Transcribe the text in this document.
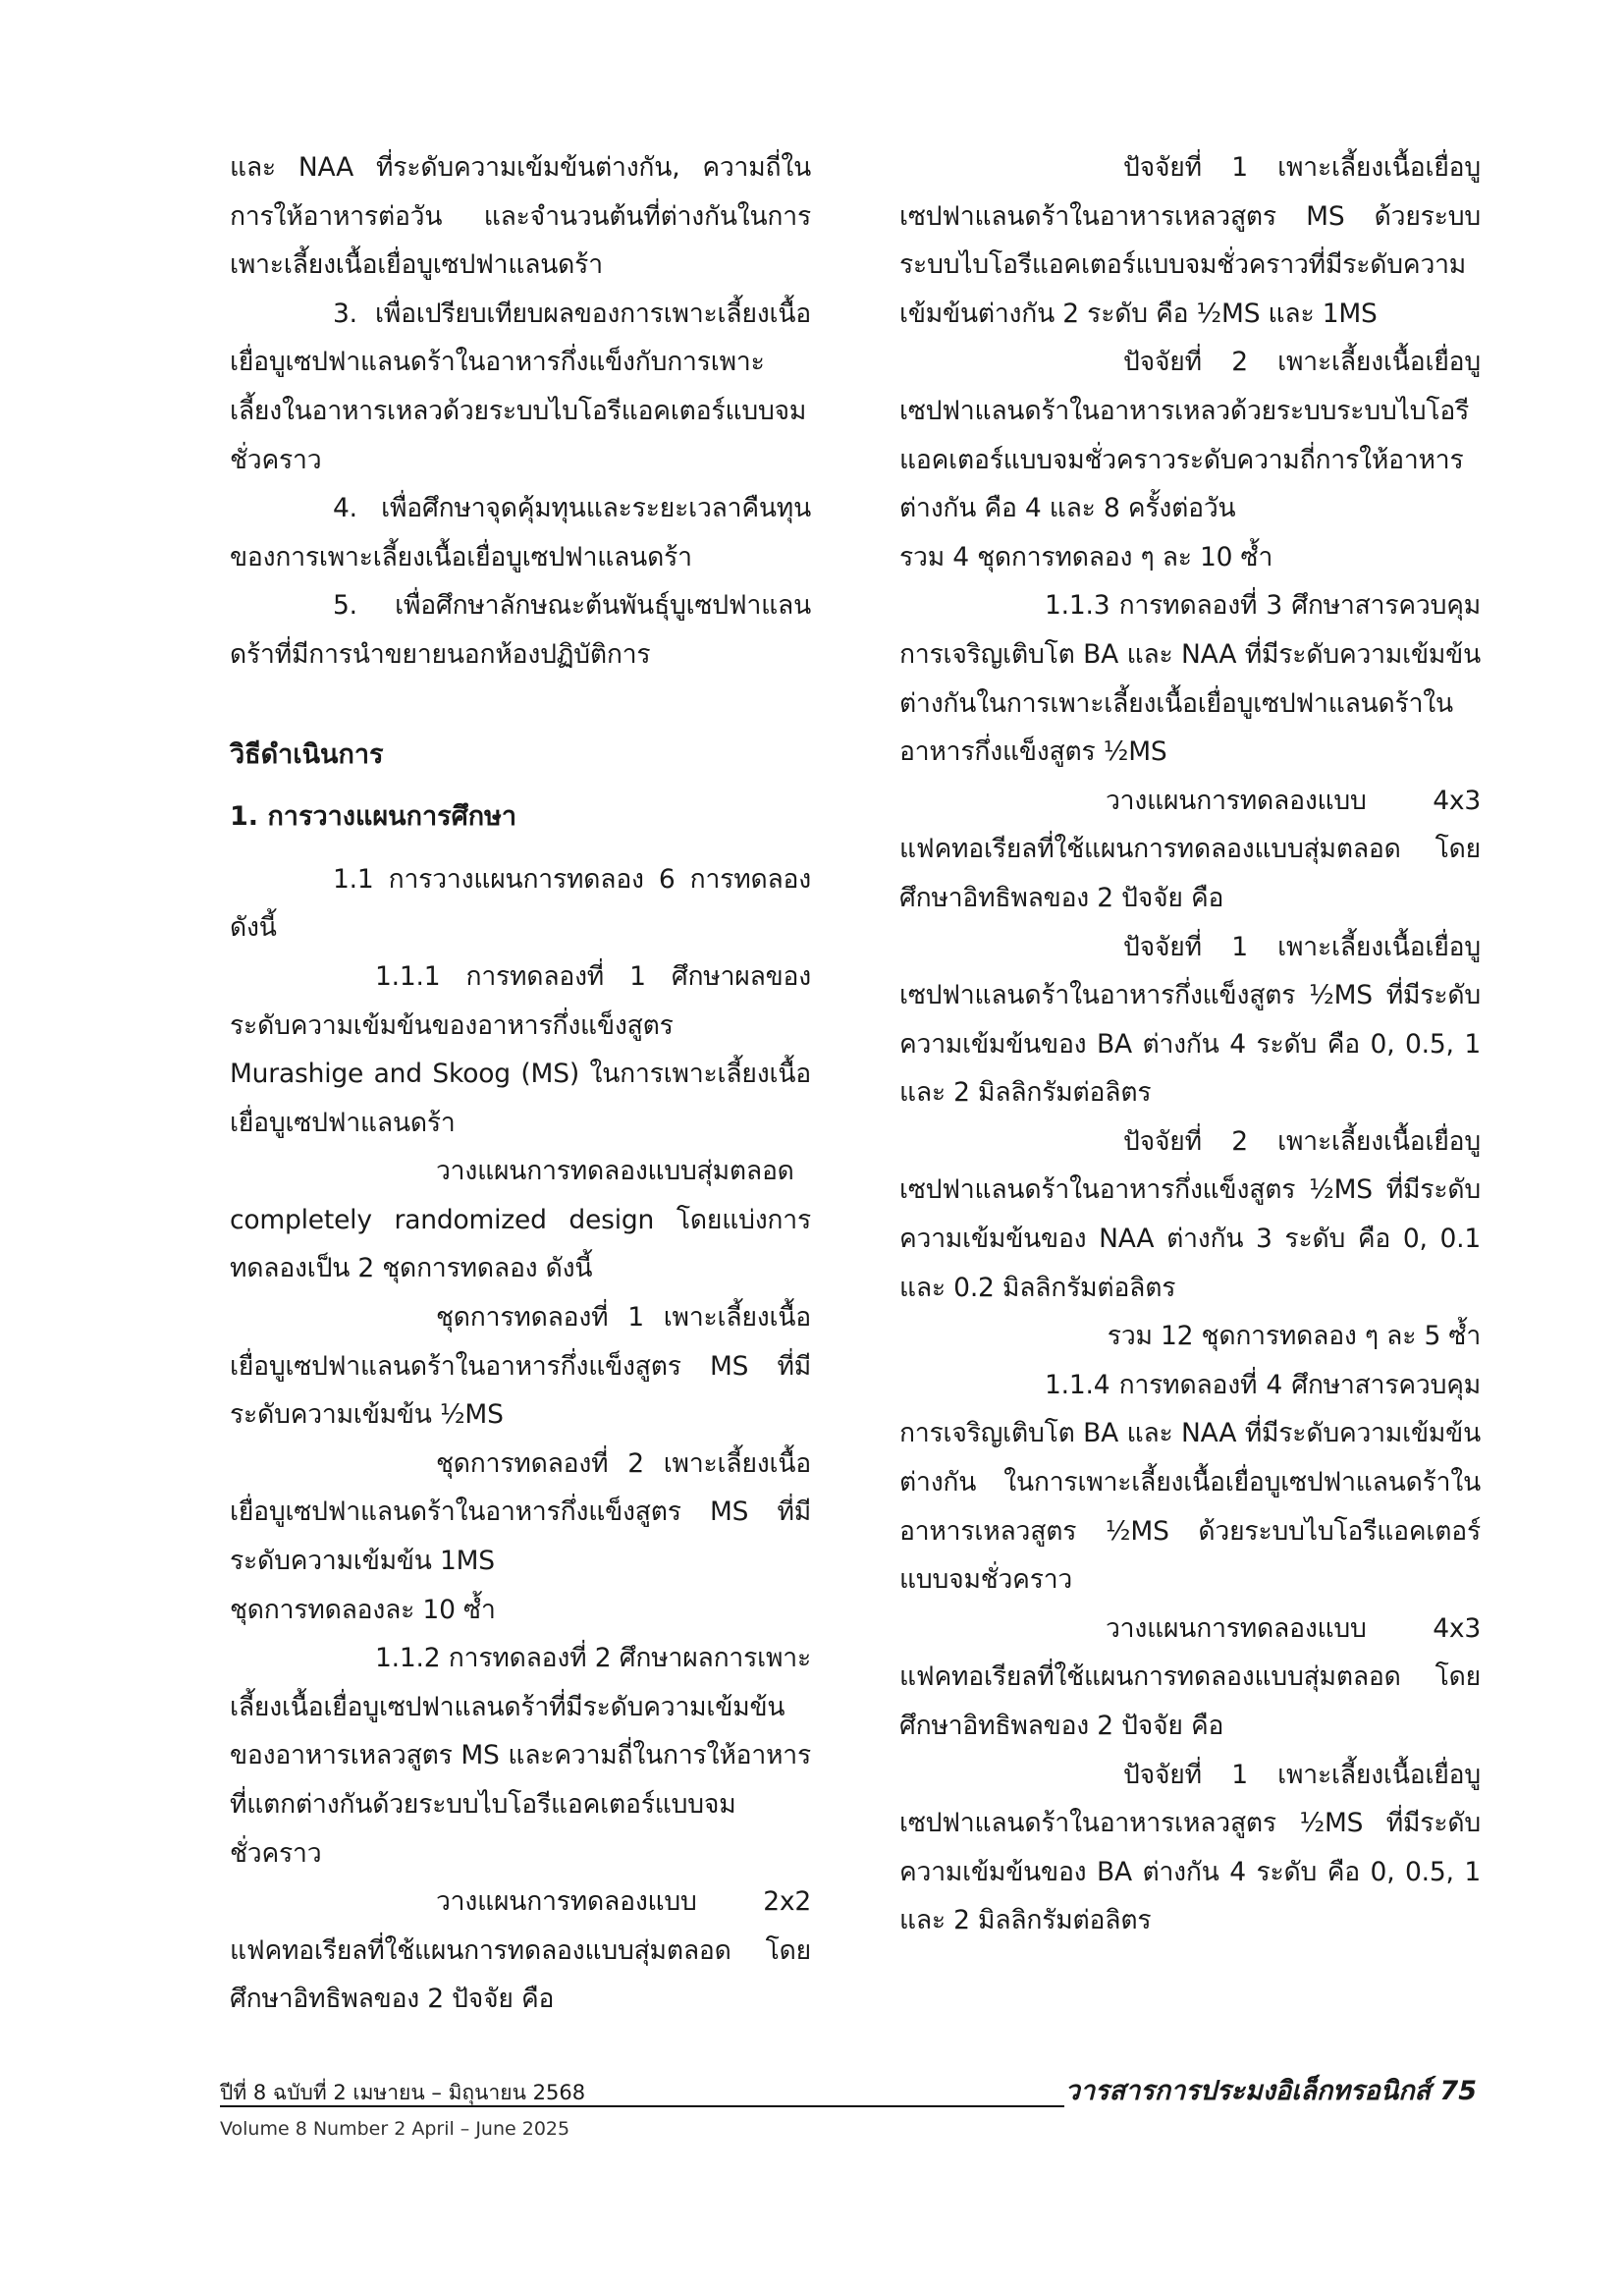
และ NAA ที่ระดับความเข้มข้นต่างกัน, ความถี่ในการให้อาหารต่อวัน และจำนวนต้นที่ต่างกันในการเพาะเลี้ยงเนื้อเยื่อบูเซปฟาแลนดร้า

3. เพื่อเปรียบเทียบผลของการเพาะเลี้ยงเนื้อเยื่อบูเซปฟาแลนดร้าในอาหารกึ่งแข็งกับการเพาะเลี้ยงในอาหารเหลวด้วยระบบไบโอรีแอคเตอร์แบบจมชั่วคราว

4. เพื่อศึกษาจุดคุ้มทุนและระยะเวลาคืนทุนของการเพาะเลี้ยงเนื้อเยื่อบูเซปฟาแลนดร้า

5. เพื่อศึกษาลักษณะต้นพันธุ์บูเซปฟาแลนดร้าที่มีการนำขยายนอกห้องปฏิบัติการ

วิธีดำเนินการ
1. การวางแผนการศึกษา

1.1 การวางแผนการทดลอง 6 การทดลองดังนี้

1.1.1 การทดลองที่ 1 ศึกษาผลของระดับความเข้มข้นของอาหารกึ่งแข็งสูตร Murashige and Skoog (MS) ในการเพาะเลี้ยงเนื้อเยื่อบูเซปฟาแลนดร้า

วางแผนการทดลองแบบสุ่มตลอด completely randomized design โดยแบ่งการทดลองเป็น 2 ชุดการทดลอง ดังนี้

ชุดการทดลองที่ 1 เพาะเลี้ยงเนื้อเยื่อบูเซปฟาแลนดร้าในอาหารกึ่งแข็งสูตร MS ที่มีระดับความเข้มข้น ½MS

ชุดการทดลองที่ 2 เพาะเลี้ยงเนื้อเยื่อบูเซปฟาแลนดร้าในอาหารกึ่งแข็งสูตร MS ที่มีระดับความเข้มข้น 1MS

ชุดการทดลองละ 10 ซ้ำ

1.1.2 การทดลองที่ 2 ศึกษาผลการเพาะเลี้ยงเนื้อเยื่อบูเซปฟาแลนดร้าที่มีระดับความเข้มข้นของอาหารเหลวสูตร MS และความถี่ในการให้อาหารที่แตกต่างกันด้วยระบบไบโอรีแอคเตอร์แบบจมชั่วคราว

วางแผนการทดลองแบบ 2x2 แฟคทอเรียลที่ใช้แผนการทดลองแบบสุ่มตลอด โดยศึกษาอิทธิพลของ 2 ปัจจัย คือ

ปัจจัยที่ 1 เพาะเลี้ยงเนื้อเยื่อบูเซปฟาแลนดร้าในอาหารเหลวสูตร MS ด้วยระบบระบบไบโอรีแอคเตอร์แบบจมชั่วคราวที่มีระดับความเข้มข้นต่างกัน 2 ระดับ คือ ½MS และ 1MS

ปัจจัยที่ 2 เพาะเลี้ยงเนื้อเยื่อบูเซปฟาแลนดร้าในอาหารเหลวด้วยระบบระบบไบโอรีแอคเตอร์แบบจมชั่วคราวระดับความถี่การให้อาหารต่างกัน คือ 4 และ 8 ครั้งต่อวัน

รวม 4 ชุดการทดลอง ๆ ละ 10 ซ้ำ

1.1.3 การทดลองที่ 3 ศึกษาสารควบคุมการเจริญเติบโต BA และ NAA ที่มีระดับความเข้มข้นต่างกันในการเพาะเลี้ยงเนื้อเยื่อบูเซปฟาแลนดร้าในอาหารกึ่งแข็งสูตร ½MS

วางแผนการทดลองแบบ 4x3 แฟคทอเรียลที่ใช้แผนการทดลองแบบสุ่มตลอด โดยศึกษาอิทธิพลของ 2 ปัจจัย คือ

ปัจจัยที่ 1 เพาะเลี้ยงเนื้อเยื่อบูเซปฟาแลนดร้าในอาหารกึ่งแข็งสูตร ½MS ที่มีระดับความเข้มข้นของ BA ต่างกัน 4 ระดับ คือ 0, 0.5, 1 และ 2 มิลลิกรัมต่อลิตร

ปัจจัยที่ 2 เพาะเลี้ยงเนื้อเยื่อบูเซปฟาแลนดร้าในอาหารกึ่งแข็งสูตร ½MS ที่มีระดับความเข้มข้นของ NAA ต่างกัน 3 ระดับ คือ 0, 0.1 และ 0.2 มิลลิกรัมต่อลิตร

รวม 12 ชุดการทดลอง ๆ ละ 5 ซ้ำ

1.1.4 การทดลองที่ 4 ศึกษาสารควบคุมการเจริญเติบโต BA และ NAA ที่มีระดับความเข้มข้นต่างกัน ในการเพาะเลี้ยงเนื้อเยื่อบูเซปฟาแลนดร้าในอาหารเหลวสูตร ½MS ด้วยระบบไบโอรีแอคเตอร์แบบจมชั่วคราว

วางแผนการทดลองแบบ 4x3 แฟคทอเรียลที่ใช้แผนการทดลองแบบสุ่มตลอด โดยศึกษาอิทธิพลของ 2 ปัจจัย คือ

ปัจจัยที่ 1 เพาะเลี้ยงเนื้อเยื่อบูเซปฟาแลนดร้าในอาหารเหลวสูตร ½MS ที่มีระดับความเข้มข้นของ BA ต่างกัน 4 ระดับ คือ 0, 0.5, 1 และ 2 มิลลิกรัมต่อลิตร

ปีที่ 8 ฉบับที่ 2 เมษายน – มิถุนายน 2568
Volume 8 Number 2 April – June 2025
วารสารการประมงอิเล็กทรอนิกส์ 75
